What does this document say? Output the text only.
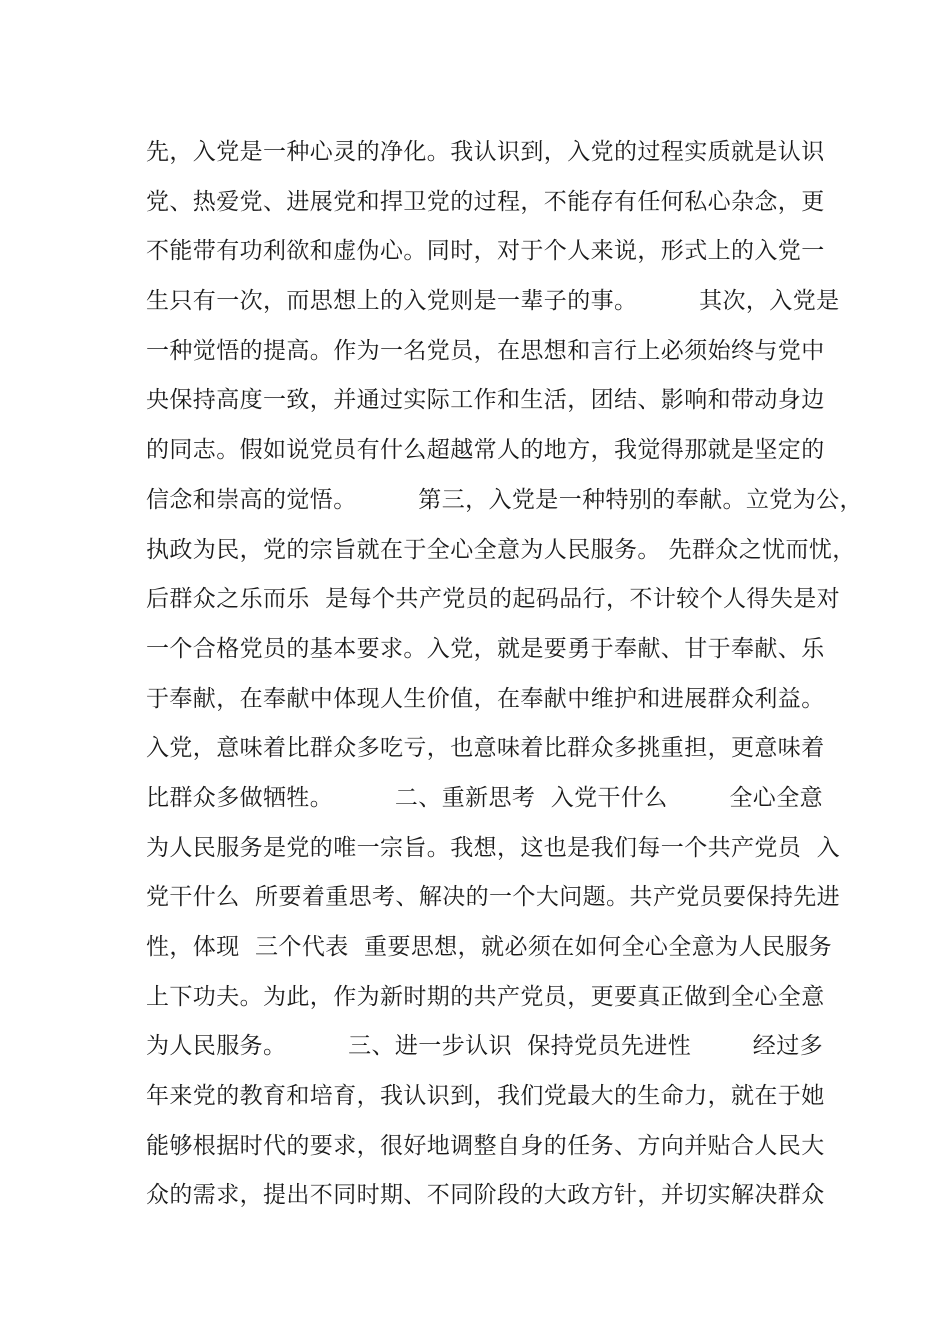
先，入党是一种心灵的净化。我认识到，入党的过程实质就是认识
党、热爱党、进展党和捍卫党的过程，不能存有任何私心杂念，更
不能带有功利欲和虚伪心。同时，对于个人来说，形式上的入党一
生只有一次，而思想上的入党则是一辈子的事。        其次，入党是
一种觉悟的提高。作为一名党员，在思想和言行上必须始终与党中
央保持高度一致，并通过实际工作和生活，团结、影响和带动身边
的同志。假如说党员有什么超越常人的地方，我觉得那就是坚定的
信念和崇高的觉悟。        第三，入党是一种特别的奉献。立党为公，
执政为民，党的宗旨就在于全心全意为人民服务。 先群众之忧而忧，
后群众之乐而乐  是每个共产党员的起码品行，不计较个人得失是对
一个合格党员的基本要求。入党，就是要勇于奉献、甘于奉献、乐
于奉献，在奉献中体现人生价值，在奉献中维护和进展群众利益。
入党，意味着比群众多吃亏，也意味着比群众多挑重担，更意味着
比群众多做牺牲。        二、重新思考  入党干什么        全心全意
为人民服务是党的唯一宗旨。我想，这也是我们每一个共产党员  入
党干什么  所要着重思考、解决的一个大问题。共产党员要保持先进
性，体现  三个代表  重要思想，就必须在如何全心全意为人民服务
上下功夫。为此，作为新时期的共产党员，更要真正做到全心全意
为人民服务。        三、进一步认识  保持党员先进性        经过多
年来党的教育和培育，我认识到，我们党最大的生命力，就在于她
能够根据时代的要求，很好地调整自身的任务、方向并贴合人民大
众的需求，提出不同时期、不同阶段的大政方针，并切实解决群众
